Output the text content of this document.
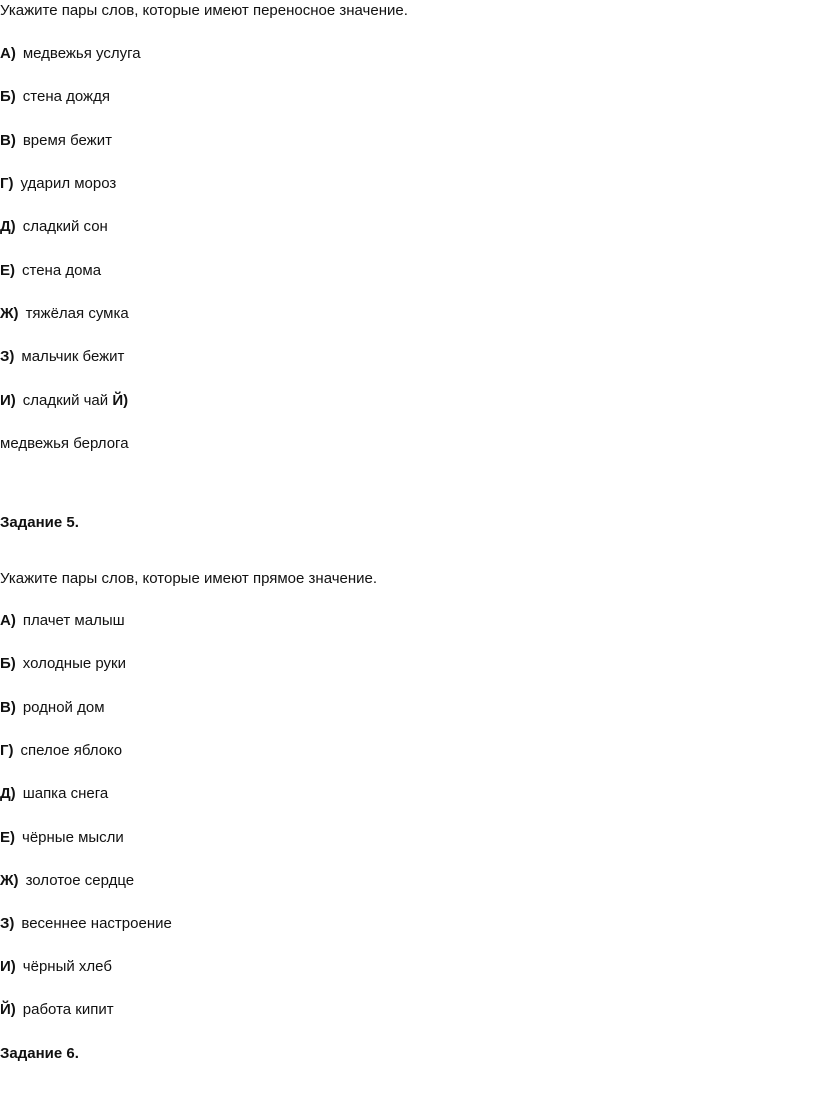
Укажите пары слов, которые имеют переносное значение.
А) медвежья услуга
Б) стена дождя
В) время бежит
Г) ударил мороз
Д) сладкий сон
Е) стена дома
Ж) тяжёлая сумка
З) мальчик бежит
И) сладкий чай Й)
медвежья берлога
Задание 5.
Укажите пары слов, которые имеют прямое значение.
А) плачет малыш
Б) холодные руки
В) родной дом
Г) спелое яблоко
Д) шапка снега
Е) чёрные мысли
Ж) золотое сердце
З) весеннее настроение
И) чёрный хлеб
Й) работа кипит
Задание 6.
